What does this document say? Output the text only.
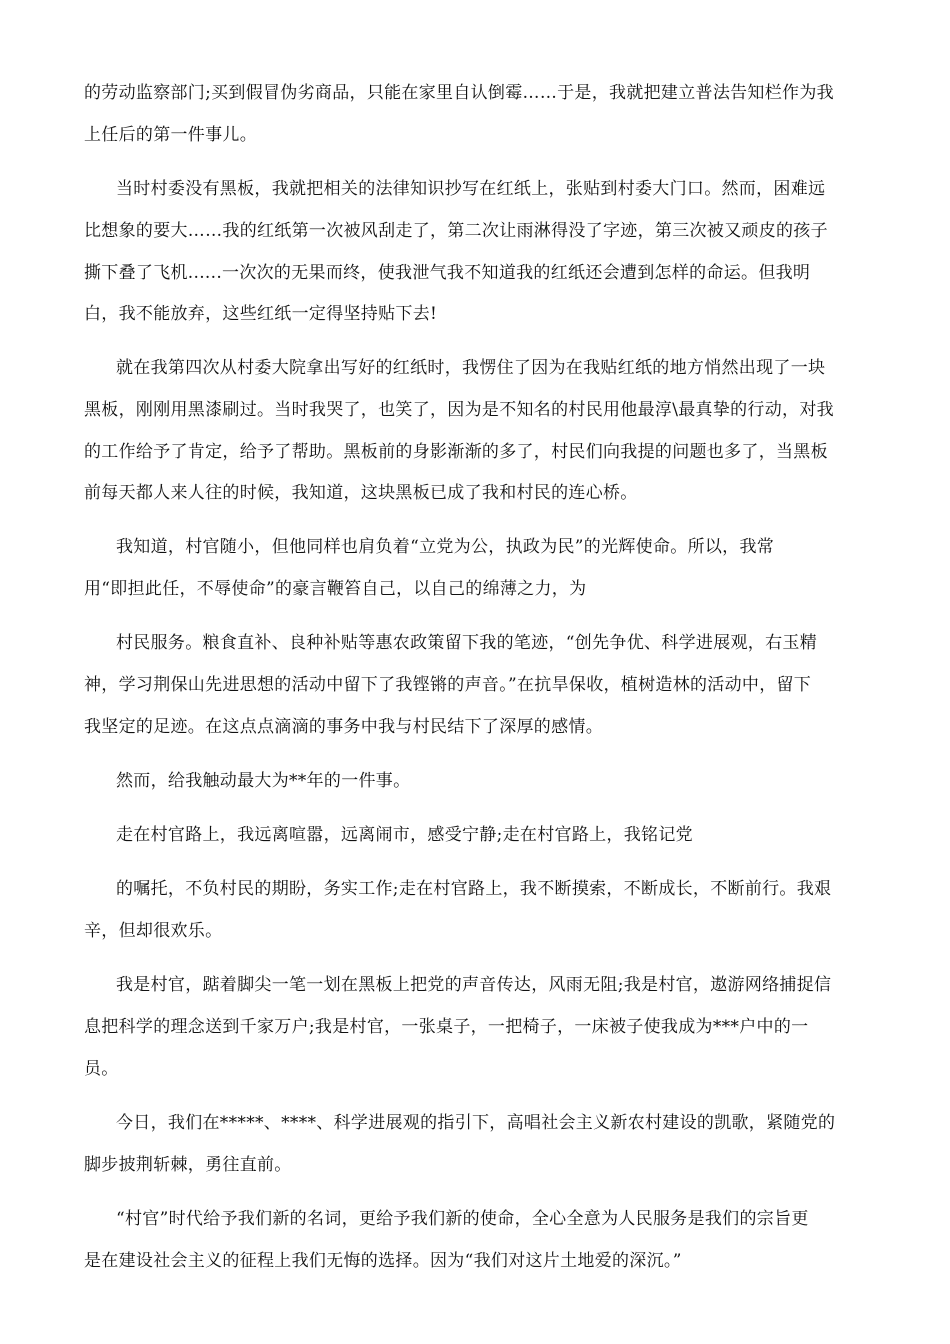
的劳动监察部门;买到假冒伪劣商品，只能在家里自认倒霉……于是，我就把建立普法告知栏作为我
上任后的第一件事儿。
当时村委没有黑板，我就把相关的法律知识抄写在红纸上，张贴到村委大门口。然而，困难远
比想象的要大……我的红纸第一次被风刮走了，第二次让雨淋得没了字迹，第三次被又顽皮的孩子
撕下叠了飞机......一次次的无果而终，使我泄气我不知道我的红纸还会遭到怎样的命运。但我明
白，我不能放弃，这些红纸一定得坚持贴下去!
就在我第四次从村委大院拿出写好的红纸时，我愣住了因为在我贴红纸的地方悄然出现了一块
黑板，刚刚用黑漆刷过。当时我哭了，也笑了，因为是不知名的村民用他最淳\最真挚的行动，对我
的工作给予了肯定，给予了帮助。黑板前的身影渐渐的多了，村民们向我提的问题也多了，当黑板
前每天都人来人往的时候，我知道，这块黑板已成了我和村民的连心桥。
我知道，村官随小，但他同样也肩负着“立党为公，执政为民”的光辉使命。所以，我常
用“即担此任，不辱使命”的豪言鞭笞自己，以自己的绵薄之力，为
村民服务。粮食直补、良种补贴等惠农政策留下我的笔迹，“创先争优、科学进展观，右玉精
神，学习荆保山先进思想的活动中留下了我铿锵的声音。”在抗旱保收，植树造林的活动中，留下
我坚定的足迹。在这点点滴滴的事务中我与村民结下了深厚的感情。
然而，给我触动最大为**年的一件事。
走在村官路上，我远离喧嚣，远离闹市，感受宁静;走在村官路上，我铭记党
的嘱托，不负村民的期盼，务实工作;走在村官路上，我不断摸索，不断成长，不断前行。我艰
辛，但却很欢乐。
我是村官，踮着脚尖一笔一划在黑板上把党的声音传达，风雨无阻;我是村官，遨游网络捕捉信
息把科学的理念送到千家万户;我是村官，一张桌子，一把椅子，一床被子使我成为***户中的一
员。
今日，我们在*****、****、科学进展观的指引下，高唱社会主义新农村建设的凯歌，紧随党的
脚步披荆斩棘，勇往直前。
“村官”时代给予我们新的名词，更给予我们新的使命，全心全意为人民服务是我们的宗旨更
是在建设社会主义的征程上我们无悔的选择。因为“我们对这片土地爱的深沉。”
